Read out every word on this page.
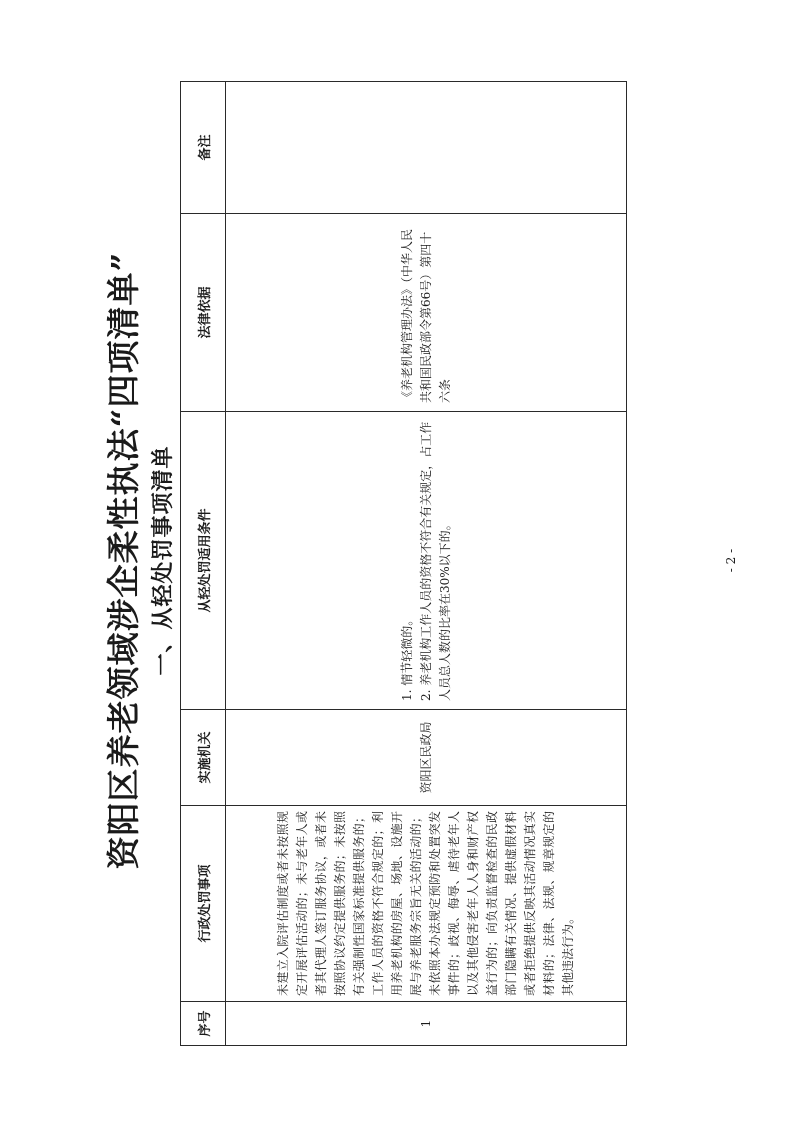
资阳区养老领域涉企柔性执法“四项清单” 一、从轻处罚事项清单
序号	行政处罚事项	实施机关	从轻处罚适用条件	法律依据	备注
1	未建立入院评估制度或者未按照规定开展评估活动的；未与老年人或者其代理人签订服务协议，或者未按照协议约定提供服务的；未按照有关强制性国家标准提供服务的；工作人员的资格不符合规定的；利用养老机构的房屋、场地、设施开展与养老服务宗旨无关的活动的；未依照本办法规定预防和处置突发事件的；歧视、侮辱、虐待老年人以及其他侵害老年人人身和财产权益行为的；向负责监督检查的民政部门隐瞒有关情况、提供虚假材料或者拒绝提供反映其活动情况真实材料的；法律、法规、规章规定的其他违法行为。	资阳区民政局	1. 情节轻微的。 2. 养老机构工作人员的资格不符合有关规定，占工作人员总人数的比率在30%以下的。	《养老机构管理办法》（中华人民共和国民政部令第66号）第四十六条	
- 2 -
